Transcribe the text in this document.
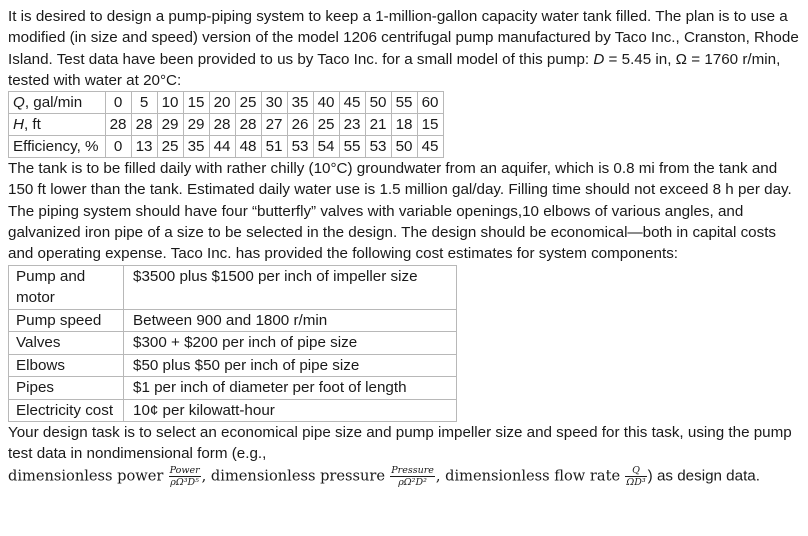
It is desired to design a pump-piping system to keep a 1-million-gallon capacity water tank filled. The plan is to use a modified (in size and speed) version of the model 1206 centrifugal pump manufactured by Taco Inc., Cranston, Rhode Island. Test data have been provided to us by Taco Inc. for a small model of this pump: D = 5.45 in, Ω = 1760 r/min, tested with water at 20°C:

Q, gal/min	0	5	10	15	20	25	30	35	40	45	50	55	60
H, ft	28	28	29	29	28	28	27	26	25	23	21	18	15
Efficiency, %	0	13	25	35	44	48	51	53	54	55	53	50	45

The tank is to be filled daily with rather chilly (10°C) groundwater from an aquifer, which is 0.8 mi from the tank and 150 ft lower than the tank. Estimated daily water use is 1.5 million gal/day. Filling time should not exceed 8 h per day. The piping system should have four “butterfly” valves with variable openings,10 elbows of various angles, and galvanized iron pipe of a size to be selected in the design. The design should be economical—both in capital costs and operating expense. Taco Inc. has provided the following cost estimates for system components:

Pump and motor	$3500 plus $1500 per inch of impeller size
Pump speed	Between 900 and 1800 r/min
Valves	$300 + $200 per inch of pipe size
Elbows	$50 plus $50 per inch of pipe size
Pipes	$1 per inch of diameter per foot of length
Electricity cost	10¢ per kilowatt-hour

Your design task is to select an economical pipe size and pump impeller size and speed for this task, using the pump test data in nondimensional form (e.g.,
dimensionless power $\frac{\text{Power}}{\text{ρΩ³D⁵}}$ , dimensionless pressure $\frac{\text{Pressure}}{\text{ρΩ²D²}}$ , dimensionless flow rate $\frac{Q}{\text{ΩD³}}$ ) as design data.
